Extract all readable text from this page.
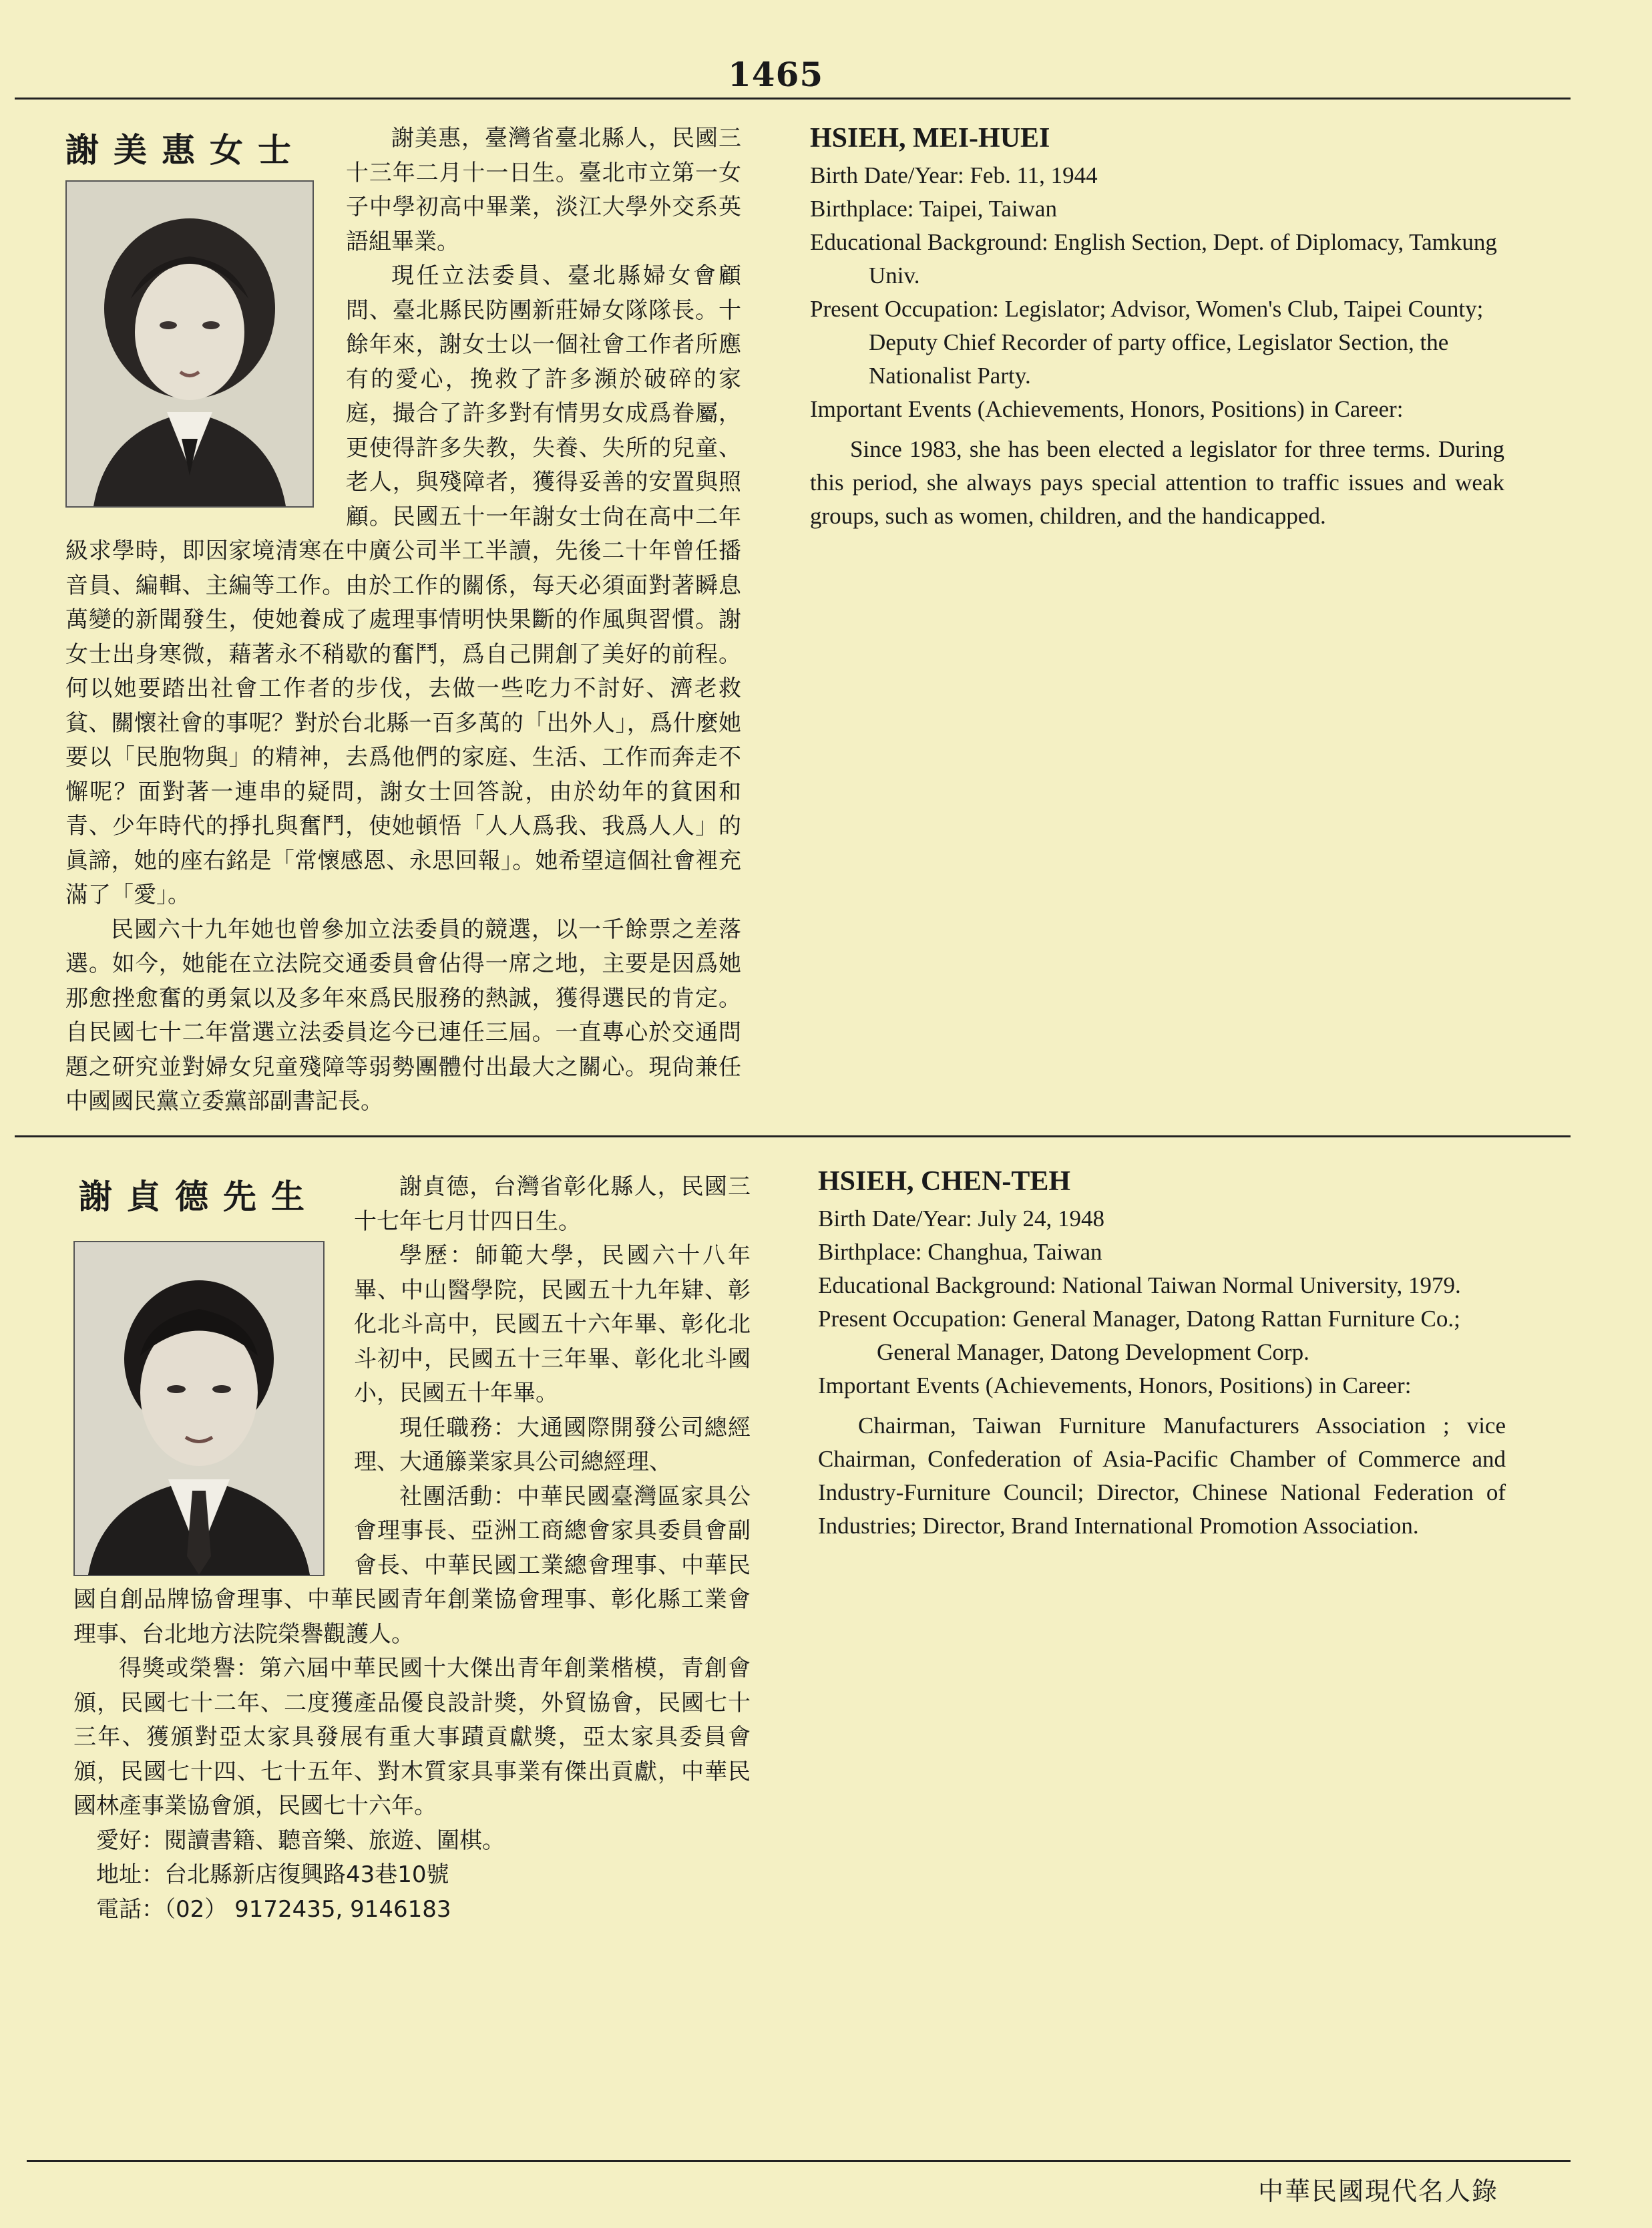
1465
謝美惠女士	謝美惠，臺灣省臺北縣人，民國三十三年二月十一日生。臺北市立第一女子中學初高中畢業，淡江大學外交系英語組畢業。

現任立法委員、臺北縣婦女會顧問、臺北縣民防團新莊婦女隊隊長。十餘年來，謝女士以一個社會工作者所應有的愛心，挽救了許多瀕於破碎的家庭，撮合了許多對有情男女成爲眷屬，更使得許多失教，失養、失所的兒童、老人，與殘障者，獲得妥善的安置與照顧。民國五十一年謝女士尙在高中二年級求學時，即因家境清寒在中廣公司半工半讀，先後二十年曾任播音員、編輯、主編等工作。由於工作的關係，每天必須面對著瞬息萬變的新聞發生，使她養成了處理事情明快果斷的作風與習慣。謝女士出身寒微，藉著永不稍歇的奮鬥，爲自己開創了美好的前程。何以她要踏出社會工作者的步伐，去做一些吃力不討好、濟老救貧、關懷社會的事呢？對於台北縣一百多萬的「出外人」，爲什麼她要以「民胞物與」的精神，去爲他們的家庭、生活、工作而奔走不懈呢？面對著一連串的疑問，謝女士回答說，由於幼年的貧困和青、少年時代的掙扎與奮鬥，使她頓悟「人人爲我、我爲人人」的眞諦，她的座右銘是「常懷感恩、永思回報」。她希望這個社會裡充滿了「愛」。

民國六十九年她也曾參加立法委員的競選，以一千餘票之差落選。如今，她能在立法院交通委員會佔得一席之地，主要是因爲她那愈挫愈奮的勇氣以及多年來爲民服務的熱誠，獲得選民的肯定。自民國七十二年當選立法委員迄今已連任三屆。一直專心於交通問題之研究並對婦女兒童殘障等弱勢團體付出最大之關心。現尙兼任中國國民黨立委黨部副書記長。

HSIEH, MEI-HUEI
Birth Date/Year: Feb. 11, 1944
Birthplace: Taipei, Taiwan
Educational Background: English Section, Dept. of Diplomacy, Tamkung Univ.
Present Occupation: Legislator; Advisor, Women's Club, Taipei County; Deputy Chief Recorder of party office, Legislator Section, the Nationalist Party.
Important Events (Achievements, Honors, Positions) in Career:
Since 1983, she has been elected a legislator for three terms. During this period, she always pays special attention to traffic issues and weak groups, such as women, children, and the handicapped.
謝貞德先生	謝貞德，台灣省彰化縣人，民國三十七年七月廿四日生。

學歷：師範大學，民國六十八年畢、中山醫學院，民國五十九年肄、彰化北斗高中，民國五十六年畢、彰化北斗初中，民國五十三年畢、彰化北斗國小，民國五十年畢。

現任職務：大通國際開發公司總經理、大通籐業家具公司總經理、

社團活動：中華民國臺灣區家具公會理事長、亞洲工商總會家具委員會副會長、中華民國工業總會理事、中華民國自創品牌協會理事、中華民國青年創業協會理事、彰化縣工業會理事、台北地方法院榮譽觀護人。

得獎或榮譽：第六屆中華民國十大傑出青年創業楷模，青創會頒，民國七十二年、二度獲產品優良設計獎，外貿協會，民國七十三年、獲頒對亞太家具發展有重大事蹟貢獻獎，亞太家具委員會頒，民國七十四、七十五年、對木質家具事業有傑出貢獻，中華民國林產事業協會頒，民國七十六年。

愛好：閱讀書籍、聽音樂、旅遊、圍棋。

地址：台北縣新店復興路43巷10號

電話：（02） 9172435, 9146183

HSIEH, CHEN-TEH
Birth Date/Year: July 24, 1948
Birthplace: Changhua, Taiwan
Educational Background: National Taiwan Normal University, 1979.
Present Occupation: General Manager, Datong Rattan Furniture Co.; General Manager, Datong Development Corp.
Important Events (Achievements, Honors, Positions) in Career:
Chairman, Taiwan Furniture Manufacturers Association ; vice Chairman, Confederation of Asia-Pacific Chamber of Commerce and Industry-Furniture Council; Director, Chinese National Federation of Industries; Director, Brand International Promotion Association.
中華民國現代名人錄
